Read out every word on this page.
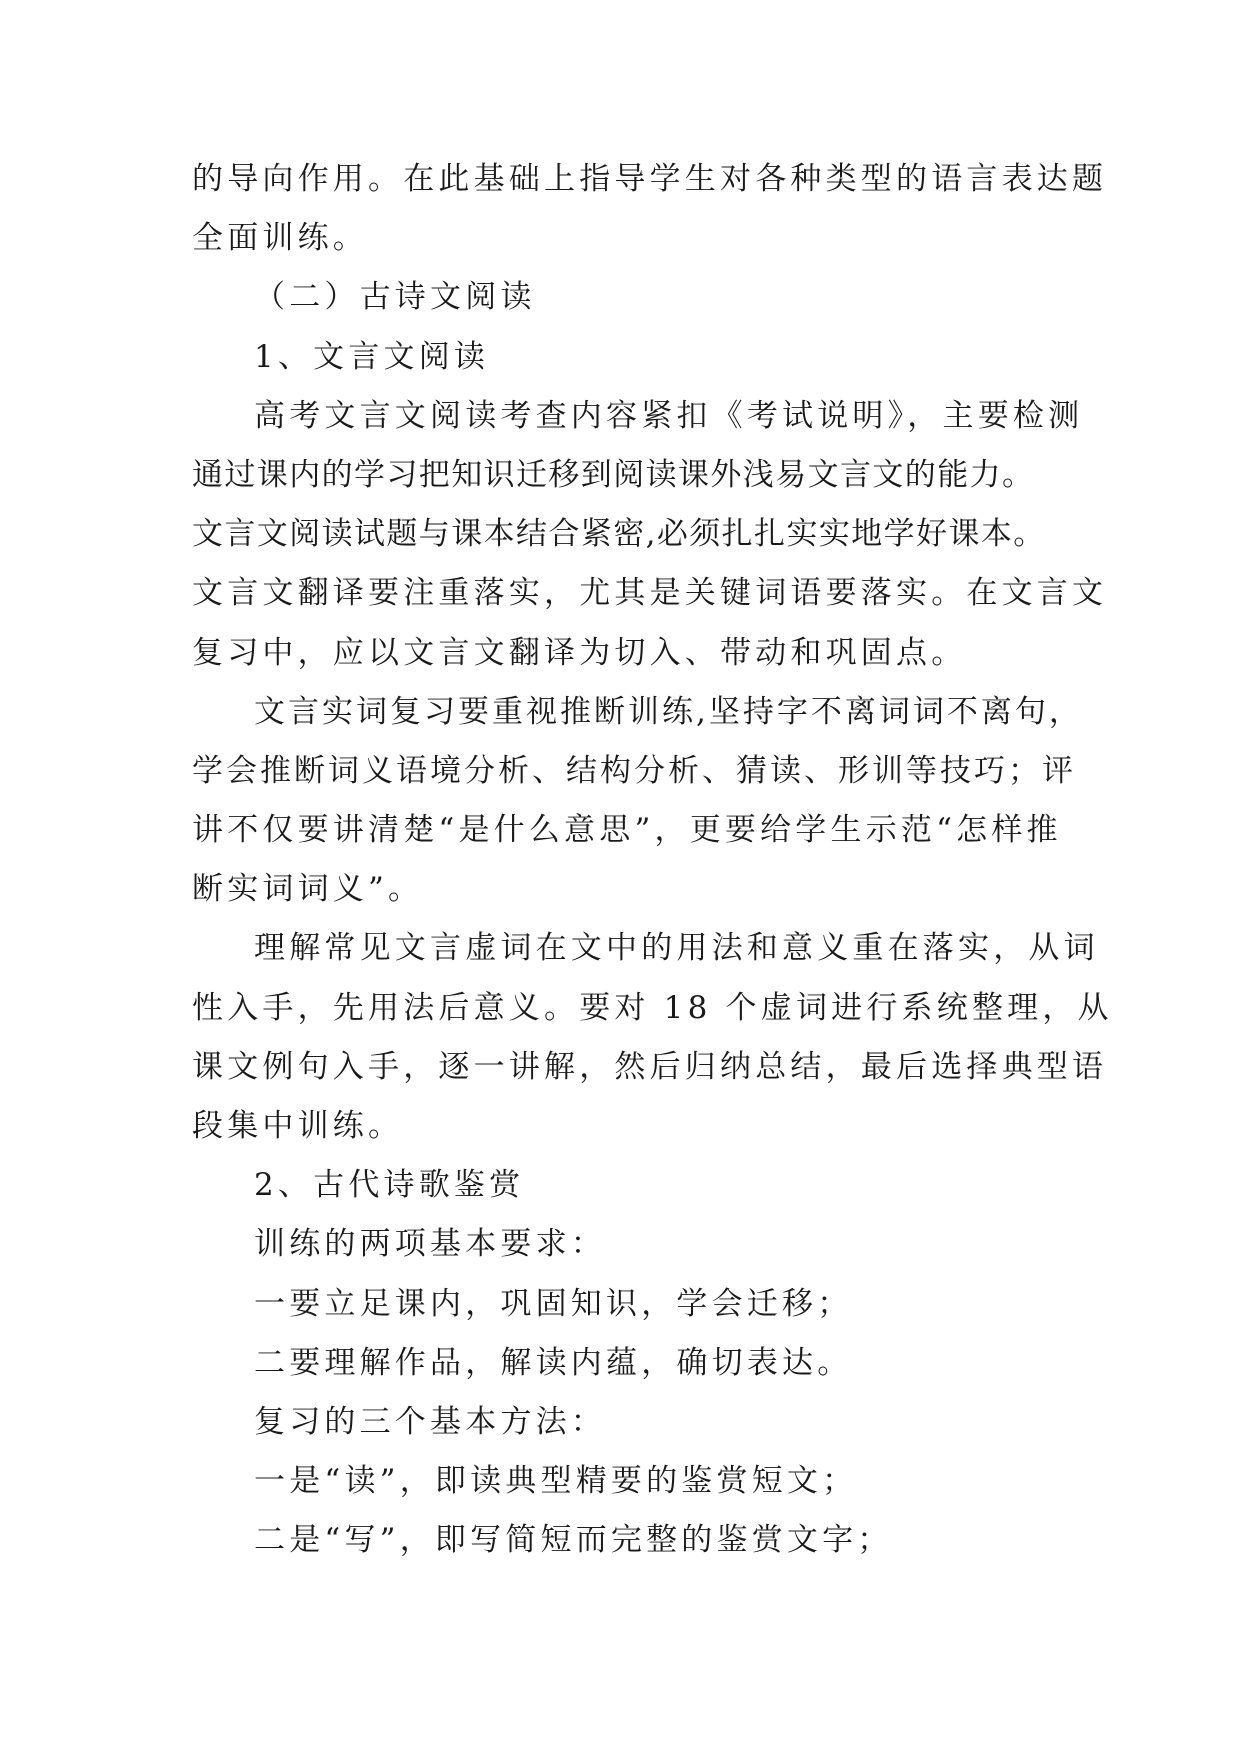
的导向作用。在此基础上指导学生对各种类型的语言表达题
全面训练。
（二）古诗文阅读
1、文言文阅读
高考文言文阅读考查内容紧扣《考试说明》，主要检测
通过课内的学习把知识迁移到阅读课外浅易文言文的能力。
文言文阅读试题与课本结合紧密,必须扎扎实实地学好课本。
文言文翻译要注重落实，尤其是关键词语要落实。在文言文
复习中，应以文言文翻译为切入、带动和巩固点。
文言实词复习要重视推断训练,坚持字不离词词不离句，
学会推断词义语境分析、结构分析、猜读、形训等技巧；评
讲不仅要讲清楚“是什么意思”，更要给学生示范“怎样推
断实词词义”。
理解常见文言虚词在文中的用法和意义重在落实，从词
性入手，先用法后意义。要对 18 个虚词进行系统整理，从
课文例句入手，逐一讲解，然后归纳总结，最后选择典型语
段集中训练。
2、古代诗歌鉴赏
训练的两项基本要求：
一要立足课内，巩固知识，学会迁移；
二要理解作品，解读内蕴，确切表达。
复习的三个基本方法：
一是“读”，即读典型精要的鉴赏短文；
二是“写”，即写简短而完整的鉴赏文字；
